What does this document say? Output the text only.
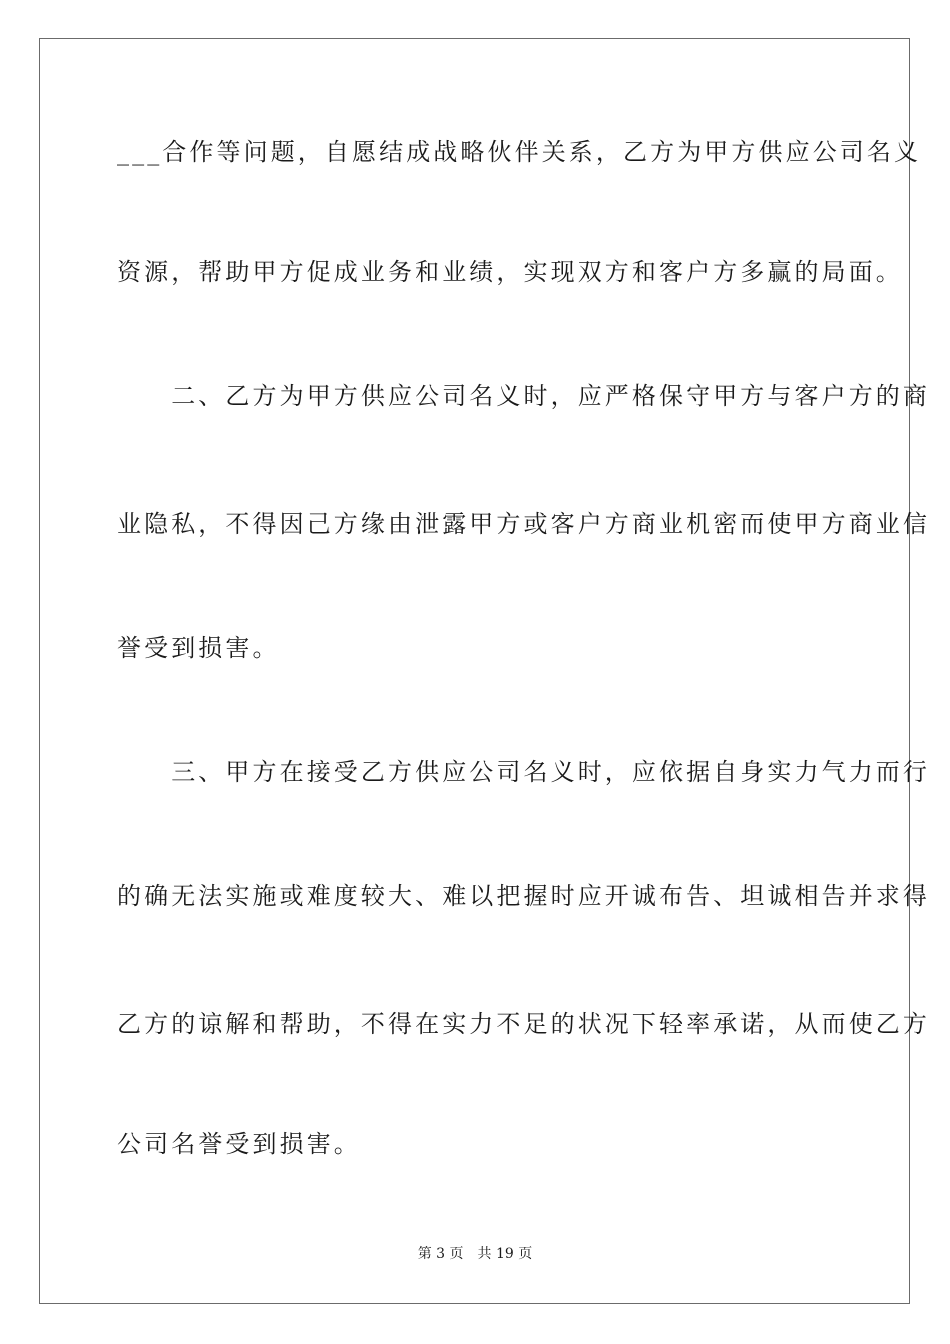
___合作等问题，自愿结成战略伙伴关系，乙方为甲方供应公司名义
资源，帮助甲方促成业务和业绩，实现双方和客户方多赢的局面。
　　二、乙方为甲方供应公司名义时，应严格保守甲方与客户方的商
业隐私，不得因己方缘由泄露甲方或客户方商业机密而使甲方商业信
誉受到损害。
　　三、甲方在接受乙方供应公司名义时，应依据自身实力气力而行
的确无法实施或难度较大、难以把握时应开诚布告、坦诚相告并求得
乙方的谅解和帮助，不得在实力不足的状况下轻率承诺，从而使乙方
公司名誉受到损害。
第 3 页 共 19 页
